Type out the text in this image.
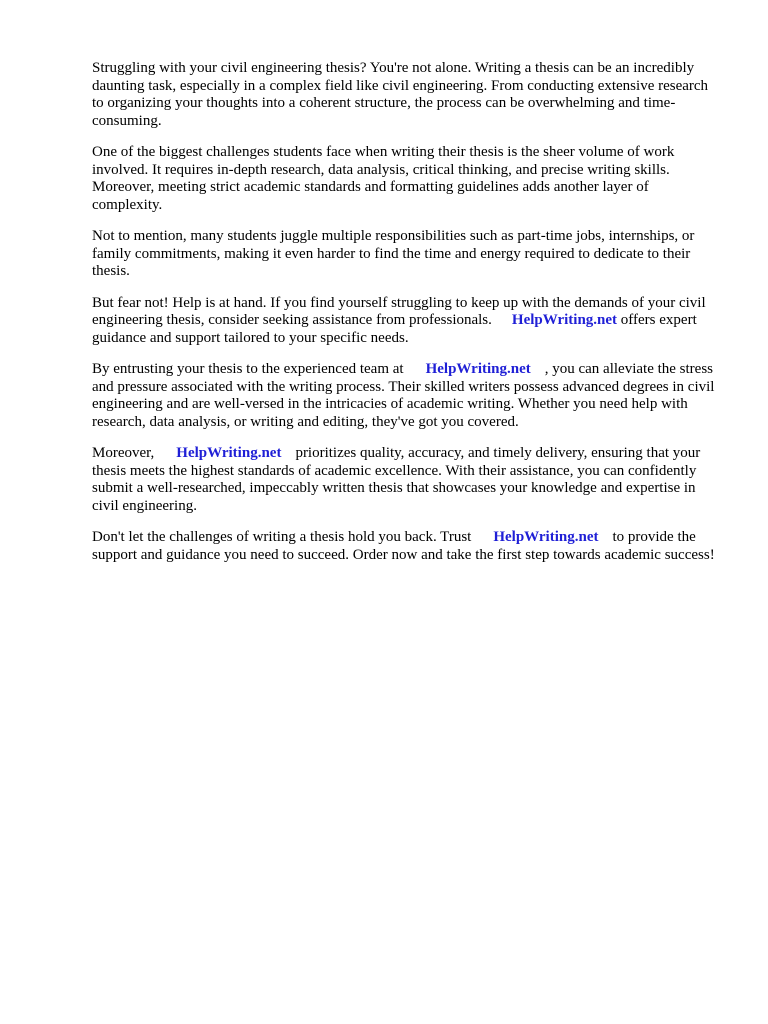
Struggling with your civil engineering thesis? You're not alone. Writing a thesis can be an incredibly daunting task, especially in a complex field like civil engineering. From conducting extensive research to organizing your thoughts into a coherent structure, the process can be overwhelming and time-consuming.

One of the biggest challenges students face when writing their thesis is the sheer volume of work involved. It requires in-depth research, data analysis, critical thinking, and precise writing skills. Moreover, meeting strict academic standards and formatting guidelines adds another layer of complexity.

Not to mention, many students juggle multiple responsibilities such as part-time jobs, internships, or family commitments, making it even harder to find the time and energy required to dedicate to their thesis.

But fear not! Help is at hand. If you find yourself struggling to keep up with the demands of your civil engineering thesis, consider seeking assistance from professionals. HelpWriting.net offers expert guidance and support tailored to your specific needs.

By entrusting your thesis to the experienced team at HelpWriting.net , you can alleviate the stress and pressure associated with the writing process. Their skilled writers possess advanced degrees in civil engineering and are well-versed in the intricacies of academic writing. Whether you need help with research, data analysis, or writing and editing, they've got you covered.

Moreover, HelpWriting.net prioritizes quality, accuracy, and timely delivery, ensuring that your thesis meets the highest standards of academic excellence. With their assistance, you can confidently submit a well-researched, impeccably written thesis that showcases your knowledge and expertise in civil engineering.

Don't let the challenges of writing a thesis hold you back. Trust HelpWriting.net to provide the support and guidance you need to succeed. Order now and take the first step towards academic success!
